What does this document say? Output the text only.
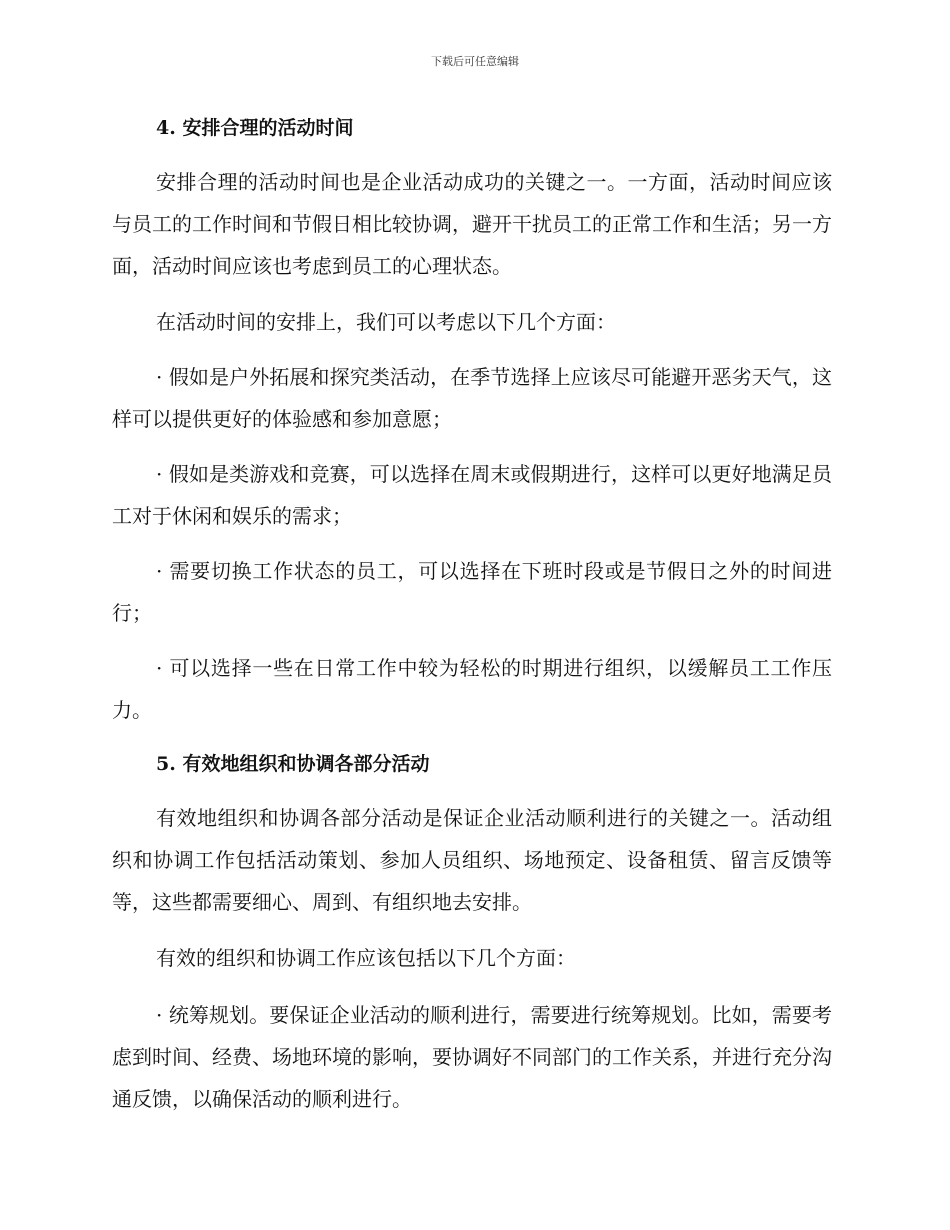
下载后可任意编辑
4. 安排合理的活动时间

安排合理的活动时间也是企业活动成功的关键之一。一方面，活动时间应该与员工的工作时间和节假日相比较协调，避开干扰员工的正常工作和生活；另一方面，活动时间应该也考虑到员工的心理状态。

在活动时间的安排上，我们可以考虑以下几个方面：

· 假如是户外拓展和探究类活动，在季节选择上应该尽可能避开恶劣天气，这样可以提供更好的体验感和参加意愿；

· 假如是类游戏和竞赛，可以选择在周末或假期进行，这样可以更好地满足员工对于休闲和娱乐的需求；

· 需要切换工作状态的员工，可以选择在下班时段或是节假日之外的时间进行；

· 可以选择一些在日常工作中较为轻松的时期进行组织，以缓解员工工作压力。

5. 有效地组织和协调各部分活动

有效地组织和协调各部分活动是保证企业活动顺利进行的关键之一。活动组织和协调工作包括活动策划、参加人员组织、场地预定、设备租赁、留言反馈等等，这些都需要细心、周到、有组织地去安排。

有效的组织和协调工作应该包括以下几个方面：

· 统筹规划。要保证企业活动的顺利进行，需要进行统筹规划。比如，需要考虑到时间、经费、场地环境的影响，要协调好不同部门的工作关系，并进行充分沟通反馈，以确保活动的顺利进行。
